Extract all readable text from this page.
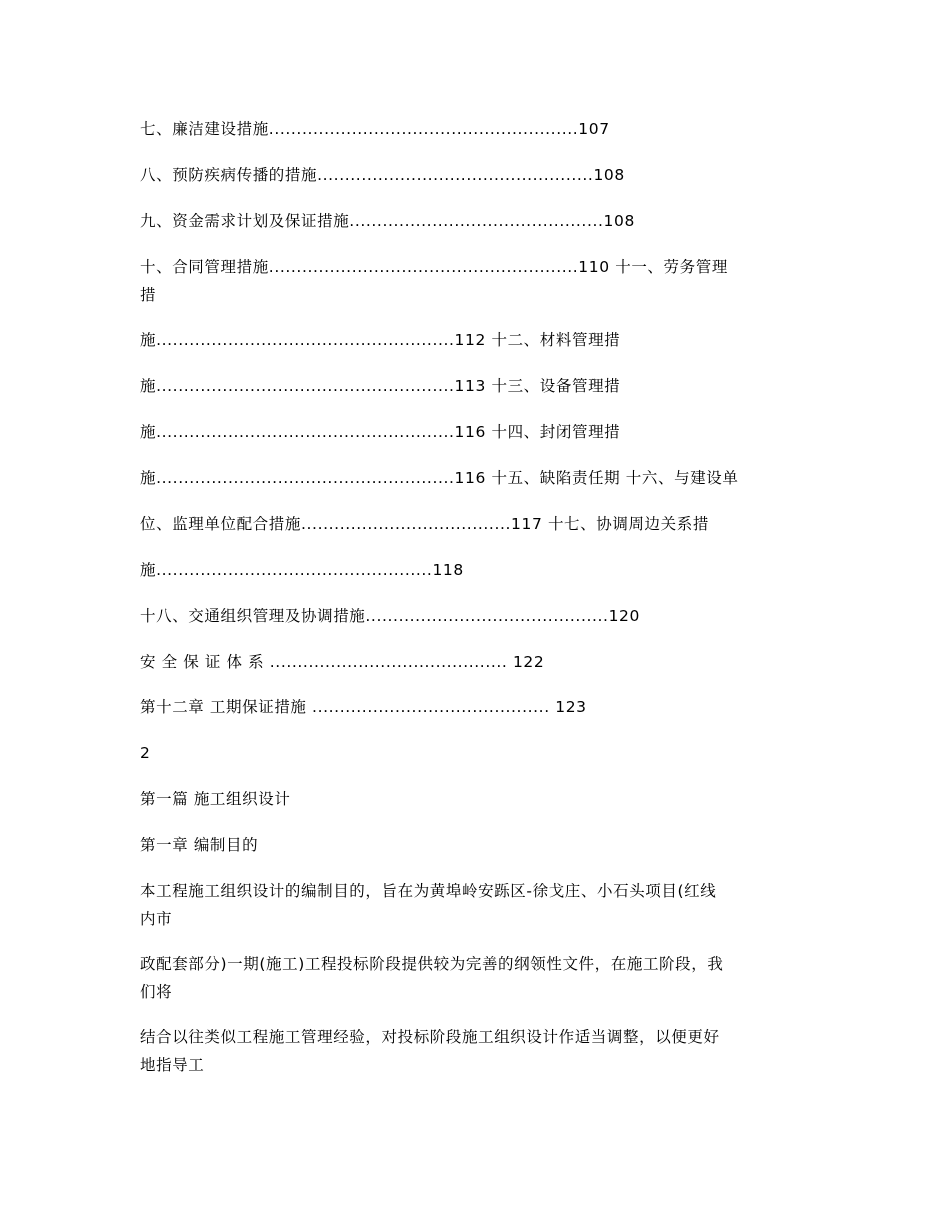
七、廉洁建设措施........................................................107
八、预防疾病传播的措施..................................................108
九、资金需求计划及保证措施..............................................108
十、合同管理措施........................................................110 十一、劳务管理
措
施......................................................112 十二、材料管理措
施......................................................113 十三、设备管理措
施......................................................116 十四、封闭管理措
施......................................................116 十五、缺陷责任期 十六、与建设单
位、监理单位配合措施......................................117 十七、协调周边关系措
施..................................................118
十八、交通组织管理及协调措施............................................120
安 全 保 证 体 系 ........................................... 122
第十二章 工期保证措施 ........................................... 123
2
第一篇 施工组织设计
第一章 编制目的
本工程施工组织设计的编制目的，旨在为黄埠岭安跞区-徐戈庄、小石头项目(红线
内市
政配套部分)一期(施工)工程投标阶段提供较为完善的纲领性文件，在施工阶段，我
们将
结合以往类似工程施工管理经验，对投标阶段施工组织设计作适当调整，以便更好
地指导工
